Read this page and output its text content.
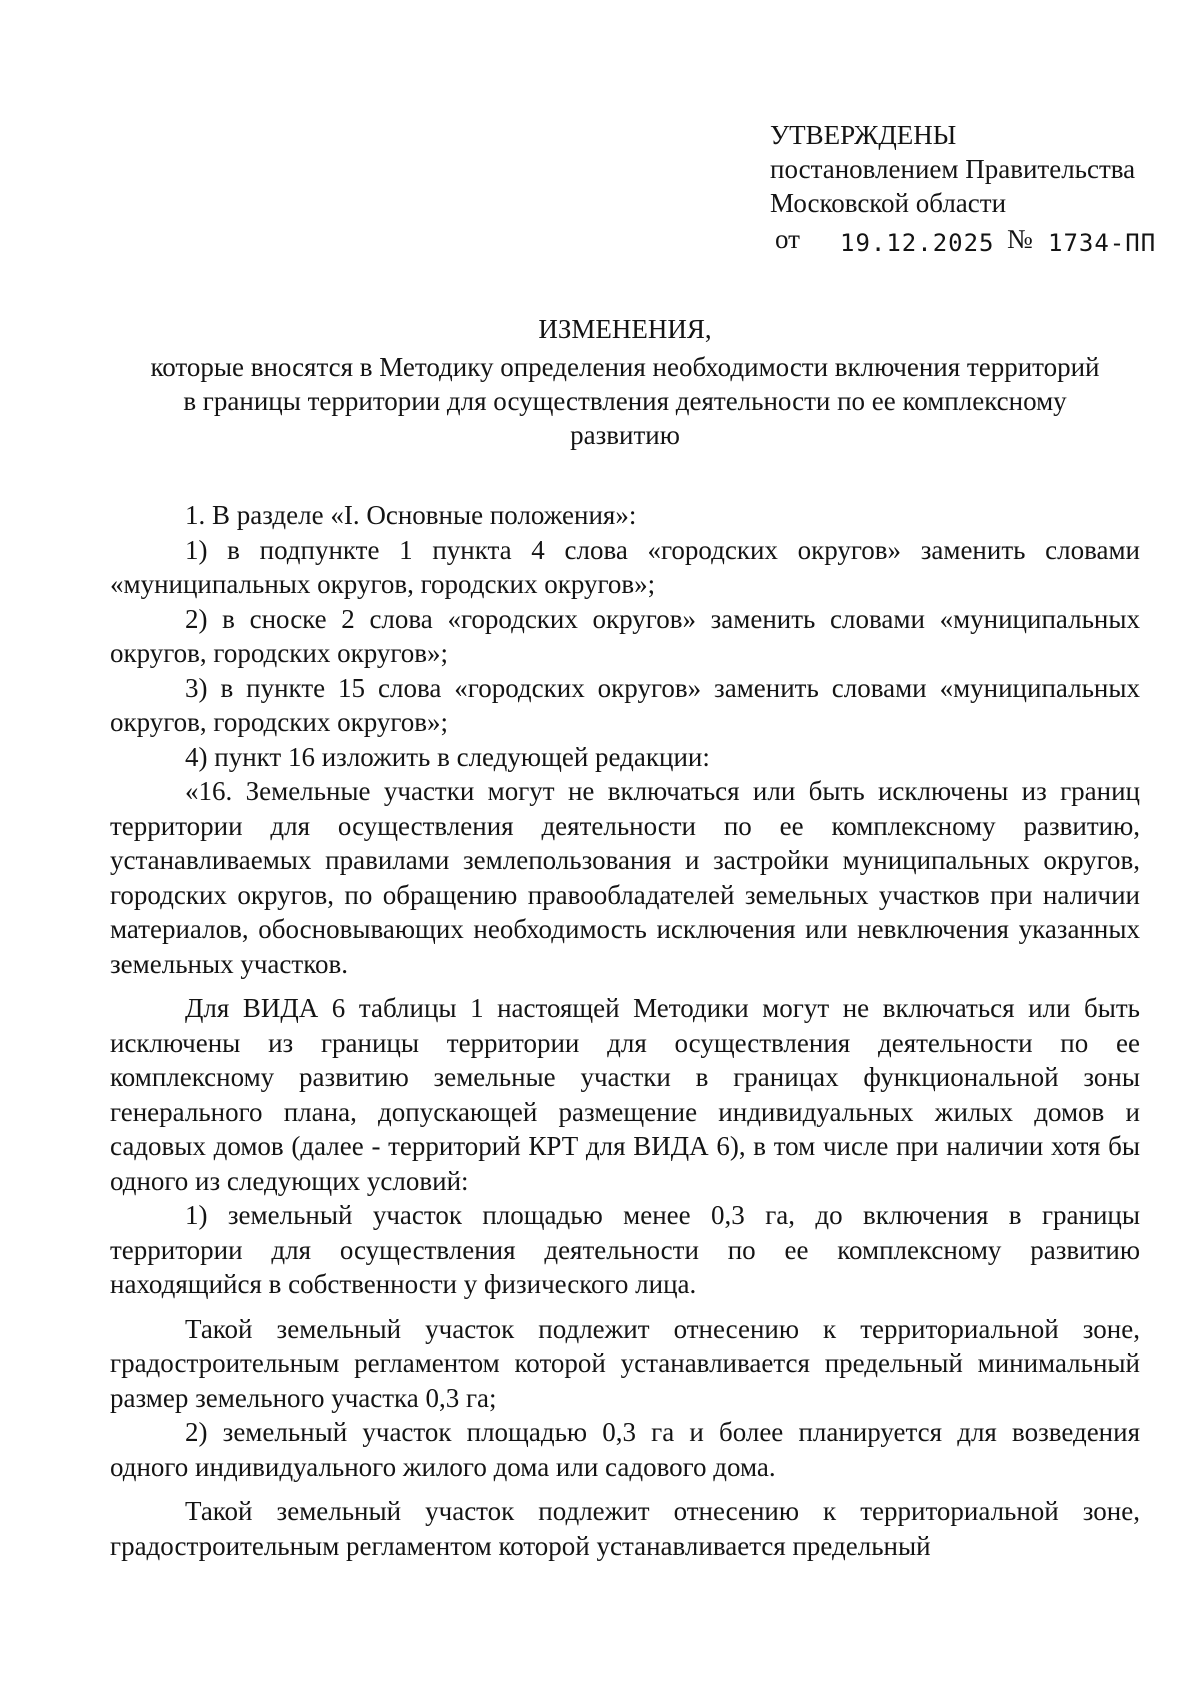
УТВЕРЖДЕНЫ
постановлением Правительства
Московской области
от 19.12.2025 № 1734-ПП
ИЗМЕНЕНИЯ,
которые вносятся в Методику определения необходимости включения территорий
в границы территории для осуществления деятельности по ее комплексному
развитию

1. В разделе «I. Основные положения»:

1) в подпункте 1 пункта 4 слова «городских округов» заменить словами «муниципальных округов, городских округов»;

2) в сноске 2 слова «городских округов» заменить словами «муниципальных округов, городских округов»;

3) в пункте 15 слова «городских округов» заменить словами «муниципальных округов, городских округов»;

4) пункт 16 изложить в следующей редакции:

«16. Земельные участки могут не включаться или быть исключены из границ территории для осуществления деятельности по ее комплексному развитию, устанавливаемых правилами землепользования и застройки муниципальных округов, городских округов, по обращению правообладателей земельных участков при наличии материалов, обосновывающих необходимость исключения или невключения указанных земельных участков.

Для ВИДА 6 таблицы 1 настоящей Методики могут не включаться или быть исключены из границы территории для осуществления деятельности по ее комплексному развитию земельные участки в границах функциональной зоны генерального плана, допускающей размещение индивидуальных жилых домов и садовых домов (далее - территорий КРТ для ВИДА 6), в том числе при наличии хотя бы одного из следующих условий:

1) земельный участок площадью менее 0,3 га, до включения в границы территории для осуществления деятельности по ее комплексному развитию находящийся в собственности у физического лица.

Такой земельный участок подлежит отнесению к территориальной зоне, градостроительным регламентом которой устанавливается предельный минимальный размер земельного участка 0,3 га;

2) земельный участок площадью 0,3 га и более планируется для возведения одного индивидуального жилого дома или садового дома.

Такой земельный участок подлежит отнесению к территориальной зоне, градостроительным регламентом которой устанавливается предельный
